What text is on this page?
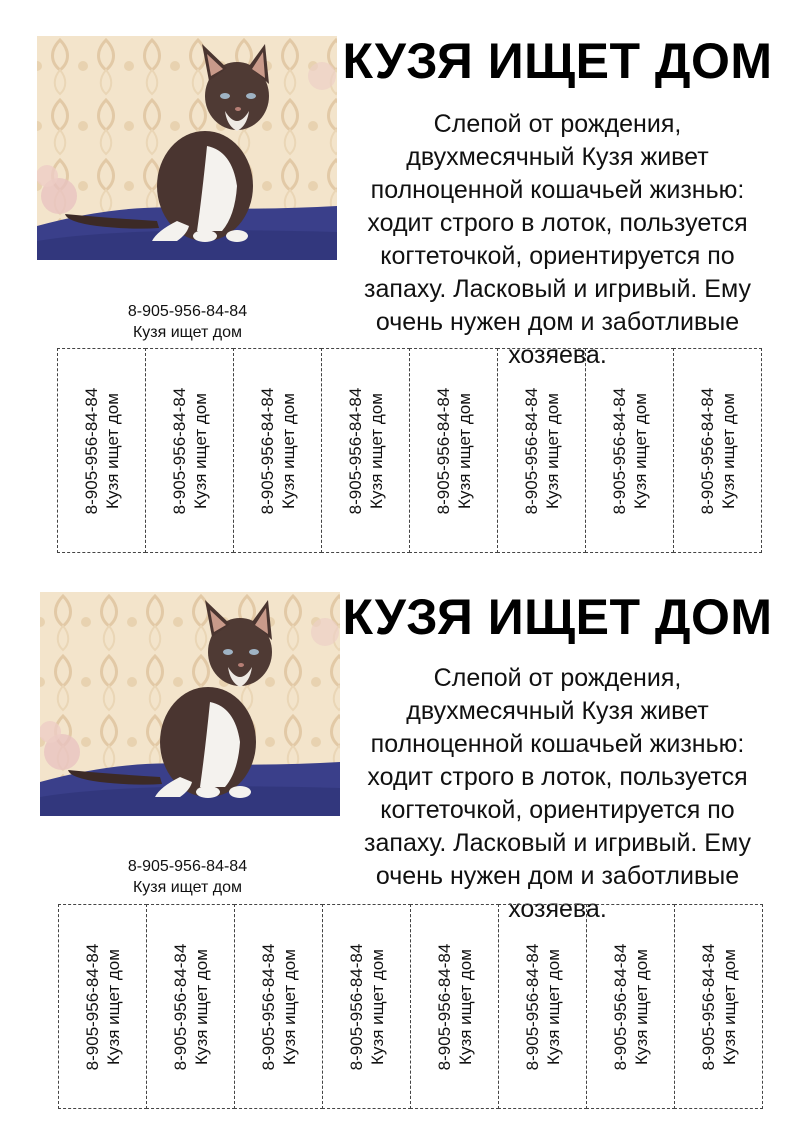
КУЗЯ ИЩЕТ ДОМ
Слепой от рождения,
двухмесячный Кузя живет
полноценной кошачьей жизнью:
ходит строго в лоток, пользуется
когтеточкой, ориентируется по
запаху. Ласковый и игривый. Ему
очень нужен дом и заботливые
хозяева.
8-905-956-84-84
Кузя ищет дом
8-905-956-84-84 Кузя ищет дом	8-905-956-84-84 Кузя ищет дом	8-905-956-84-84 Кузя ищет дом	8-905-956-84-84 Кузя ищет дом	8-905-956-84-84 Кузя ищет дом	8-905-956-84-84 Кузя ищет дом	8-905-956-84-84 Кузя ищет дом	8-905-956-84-84 Кузя ищет дом
КУЗЯ ИЩЕТ ДОМ
Слепой от рождения,
двухмесячный Кузя живет
полноценной кошачьей жизнью:
ходит строго в лоток, пользуется
когтеточкой, ориентируется по
запаху. Ласковый и игривый. Ему
очень нужен дом и заботливые
хозяева.
8-905-956-84-84
Кузя ищет дом
8-905-956-84-84 Кузя ищет дом	8-905-956-84-84 Кузя ищет дом	8-905-956-84-84 Кузя ищет дом	8-905-956-84-84 Кузя ищет дом	8-905-956-84-84 Кузя ищет дом	8-905-956-84-84 Кузя ищет дом	8-905-956-84-84 Кузя ищет дом	8-905-956-84-84 Кузя ищет дом
